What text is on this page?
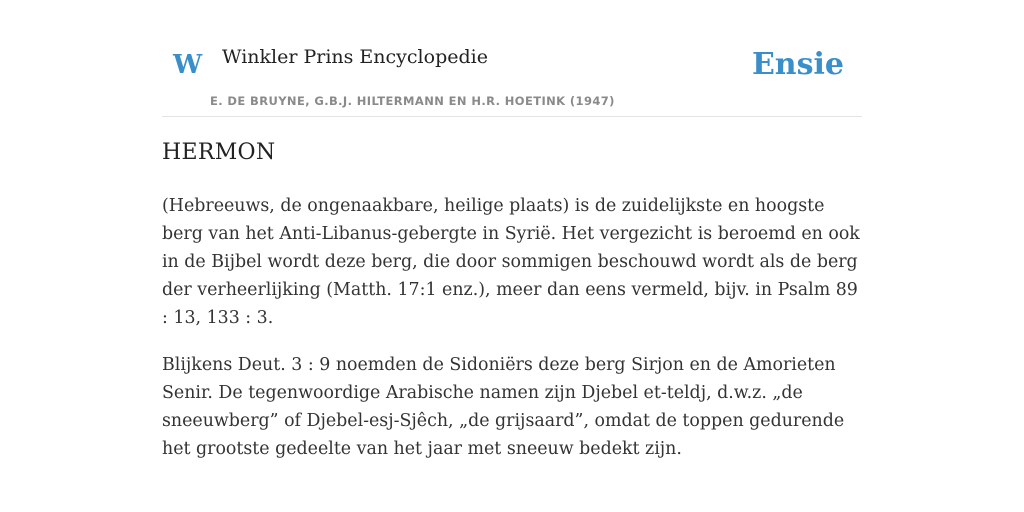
W Winkler Prins Encyclopedie
E. DE BRUYNE, G.B.J. HILTERMANN EN H.R. HOETINK (1947)
Ensie
HERMON

(Hebreeuws, de ongenaakbare, heilige plaats) is de zuidelijkste en hoogste berg van het Anti-Libanus-gebergte in Syrië. Het vergezicht is beroemd en ook in de Bijbel wordt deze berg, die door sommigen beschouwd wordt als de berg der verheerlijking (Matth. 17:1 enz.), meer dan eens vermeld, bijv. in Psalm 89 : 13, 133 : 3.

Blijkens Deut. 3 : 9 noemden de Sidoniërs deze berg Sirjon en de Amorieten Senir. De tegenwoordige Arabische namen zijn Djebel et-teldj, d.w.z. „de sneeuwberg” of Djebel-esj-Sjêch, „de grijsaard”, omdat de toppen gedurende het grootste gedeelte van het jaar met sneeuw bedekt zijn.
